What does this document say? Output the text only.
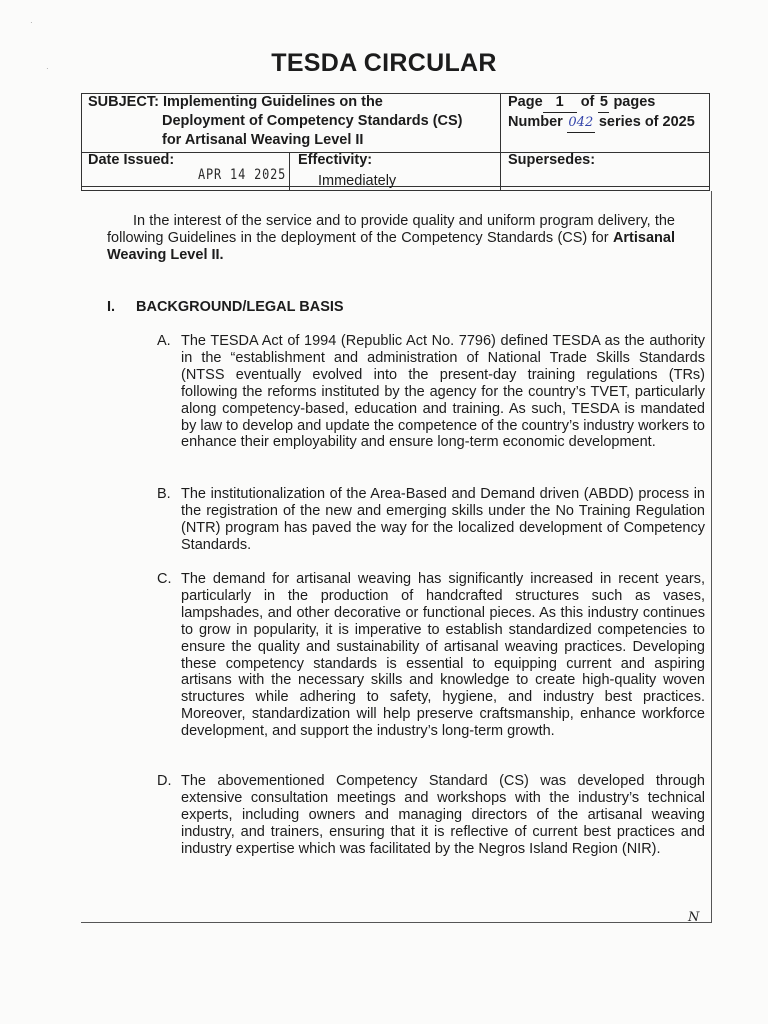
·
·	TESDA CIRCULAR
SUBJECT: Implementing Guidelines on the
Deployment of Competency Standards (CS)
for Artisanal Weaving Level II
Page 1 of 5 pages
Number 042 series of 2025
Date Issued:
APR 14 2025
Effectivity:
Immediately
Supersedes:
In the interest of the service and to provide quality and uniform program delivery, the following Guidelines in the deployment of the Competency Standards (CS) for Artisanal Weaving Level II.
I. BACKGROUND/LEGAL BASIS
A. The TESDA Act of 1994 (Republic Act No. 7796) defined TESDA as the authority in the “establishment and administration of National Trade Skills Standards (NTSS eventually evolved into the present-day training regulations (TRs) following the reforms instituted by the agency for the country’s TVET, particularly along competency-based, education and training. As such, TESDA is mandated by law to develop and update the competence of the country’s industry workers to enhance their employability and ensure long-term economic development.
B. The institutionalization of the Area-Based and Demand driven (ABDD) process in the registration of the new and emerging skills under the No Training Regulation (NTR) program has paved the way for the localized development of Competency Standards.
C. The demand for artisanal weaving has significantly increased in recent years, particularly in the production of handcrafted structures such as vases, lampshades, and other decorative or functional pieces. As this industry continues to grow in popularity, it is imperative to establish standardized competencies to ensure the quality and sustainability of artisanal weaving practices. Developing these competency standards is essential to equipping current and aspiring artisans with the necessary skills and knowledge to create high-quality woven structures while adhering to safety, hygiene, and industry best practices. Moreover, standardization will help preserve craftsmanship, enhance workforce development, and support the industry’s long-term growth.
D. The abovementioned Competency Standard (CS) was developed through extensive consultation meetings and workshops with the industry’s technical experts, including owners and managing directors of the artisanal weaving industry, and trainers, ensuring that it is reflective of current best practices and industry expertise which was facilitated by the Negros Island Region (NIR).
N
